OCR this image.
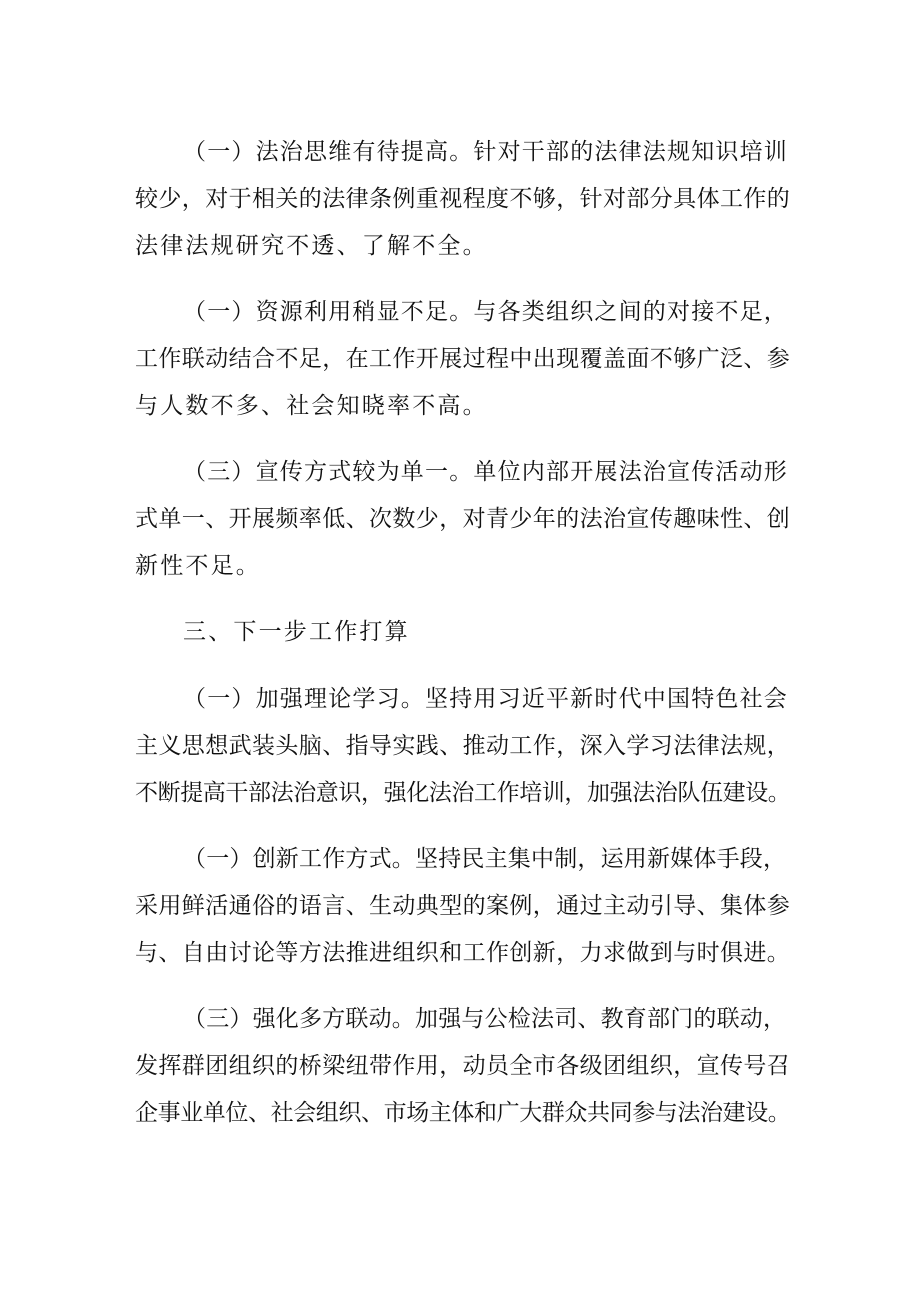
（一）法治思维有待提高。针对干部的法律法规知识培训
较少，对于相关的法律条例重视程度不够，针对部分具体工作的
法律法规研究不透、了解不全。
（一）资源利用稍显不足。与各类组织之间的对接不足，
工作联动结合不足，在工作开展过程中出现覆盖面不够广泛、参
与人数不多、社会知晓率不高。
（三）宣传方式较为单一。单位内部开展法治宣传活动形
式单一、开展频率低、次数少，对青少年的法治宣传趣味性、创
新性不足。
三、下一步工作打算
（一）加强理论学习。坚持用习近平新时代中国特色社会
主义思想武装头脑、指导实践、推动工作，深入学习法律法规，
不断提高干部法治意识，强化法治工作培训，加强法治队伍建设。
（一）创新工作方式。坚持民主集中制，运用新媒体手段，
采用鲜活通俗的语言、生动典型的案例，通过主动引导、集体参
与、自由讨论等方法推进组织和工作创新，力求做到与时俱进。
（三）强化多方联动。加强与公检法司、教育部门的联动，
发挥群团组织的桥梁纽带作用，动员全市各级团组织，宣传号召
企事业单位、社会组织、市场主体和广大群众共同参与法治建设。
